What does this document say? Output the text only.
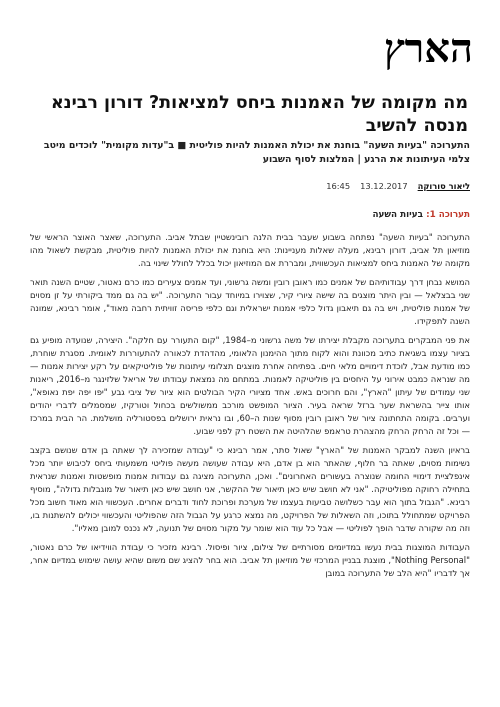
הארץ
מה מקומה של האמנות ביחס למציאות? דורון רבינא מנסה להשיב

התערוכה "בעיות השעה" בוחנת את יכולת האמנות להיות פוליטית ■ ב"עדות מקומית" לוכדים מיטב צלמי העיתונות את הרגע | המלצות לסוף השבוע

ליאור סורוקה
13.12.2017
16:45
תערוכה 1: בעיות השעה

התערוכה "בעיות השעה" נפתחה בשבוע שעבר בבית הלנה רובינשטיין שבתל אביב. התערוכה, שאצר האוצר הראשי של מוזיאון תל אביב, דורון רבינא, מעלה שאלות מעניינות: היא בוחנת את יכולת האמנות להיות פוליטית, מבקשת לשאול מהו מקומה של האמנות ביחס למציאות העכשווית, ומבררת אם המוזיאון יכול בכלל לחולל שינוי בה.

המושא נבחן דרך עבודותיהם של אמנים כמו ראובן רובין ומשה גרשוני, ועד אמנים צעירים כמו כרם נאטור, שטיים השנה תואר שני בבצלאל — ובין היתר מוצגים בה שישה ציורי קיר, שצוירו במיוחד עבור התערוכה. "יש בה גם ממד ביקורתי על זן מסוים של אמנות פוליטית, ויש בה גם תיאבון גדול כלפי אמנות ישראלית וגם כלפי פריסה זוויתית רחבה מאוד", אומר רבינא, שמונה השנה לתפקידו.

את פני המבקרים בתערוכה מקבלת יצירתו של משה גרשוני מ–1984, "קום התעורר עם חלקה". היצירה, שנועדה מופיע גם בציור עצמו בשגיאת כתיב מכוונת והוא לקוח מתוך ההימנון הלאומי, מהדהדת לכאורה להתעוררות לאומית. מסגרת שוחרת, כמו מודעת אבל, לוכדת דימויים מלאי חיים. בפתיחה אחרת מוצגים תצלומי עיתונות של פוליטיקאים על רקע יצירות אמנות — מה שנראה כמבט אירוני על היחסים בין פוליטיקה לאמנות. במתחם מה נמצאת עבודתו של אריאל שלזינגר מ–2016, ריאנות שני עמודים של עיתון "הארץ", והם חרוכים באש. אחד מציורי הקיר הבולטים הוא ציור של ציבי גבע "יפו יפה יפת נאופא", אותו צייר בהשראת שער ברזל שראה בעיר. הציור המופשט מורכב ממשולשים בכחול וטורקיז, שמסמלים לדברי יהודים וערבים. בקומה התחתונה ציור של ראובן רובין מסוף שנות ה–60, ובו נראית ירושלים בפסטורליה מושלמת. הר הבית במרכז — וכל זה הרחק הרחק מהצהרת טראמפ שהלהיטה את השטח רק לפני שבוע.

בראיון השנה למבקר האמנות של "הארץ" שאול סתר, אמר רבינא כי "עבודה שמזכירה לך שאתה בן אדם שנושם בקצב נשימות מסוים, שאתה בר חלוף, שהאתר הוא בן אדם, היא עבודה שעושה מעשה פוליטי משמעותי ביחס לכיבוש יותר מכל אינפלציית דימויי החומה שנוצרה בעשורים האחרונים". ואכן, התערוכה מציגה גם עבודות אמנות מופשטות ואמנות שנראית בתחילה רחוקה מפוליטיקה. "אני לא חושב שיש כאן תיאור של ההקשר, אני חושב שיש כאן תיאור של מוגבלות גדולה", מוסיף רבינא. "הגבול בתוך הוא עבר כשלושה טביעות בעצמו של מערכת ופרוכת לחוד ודברים אחרים. העכשווי הוא מאוד חשוב מכל הפרויקט שמתחולל בתוכו, וזה השאלות של הפרויקט, מה נמצא כרגע על הגבול הזה שהפוליטי והעכשווי יכולים להשתנות בו, וזה מה שקורה שדבר הופך לפוליטי — אבל כל עוד הוא שומר על מקור מסוים של תנועה, לא נכנס למובן מאליו".

העבודות המוצגות בבית נעשו במדיומים מסורתיים של צילום, ציור ופיסול. רבינא מזכיר כי עבודת הווידיאו של כרם נאטור, "Nothing Personal", מוצגת בבניין המרכזי של מוזיאון תל אביב. הוא בחר להציג שם משום שהיא עושה שימוש במדיום אחר, אך לדבריו "היא הלב של התערוכה במובן
